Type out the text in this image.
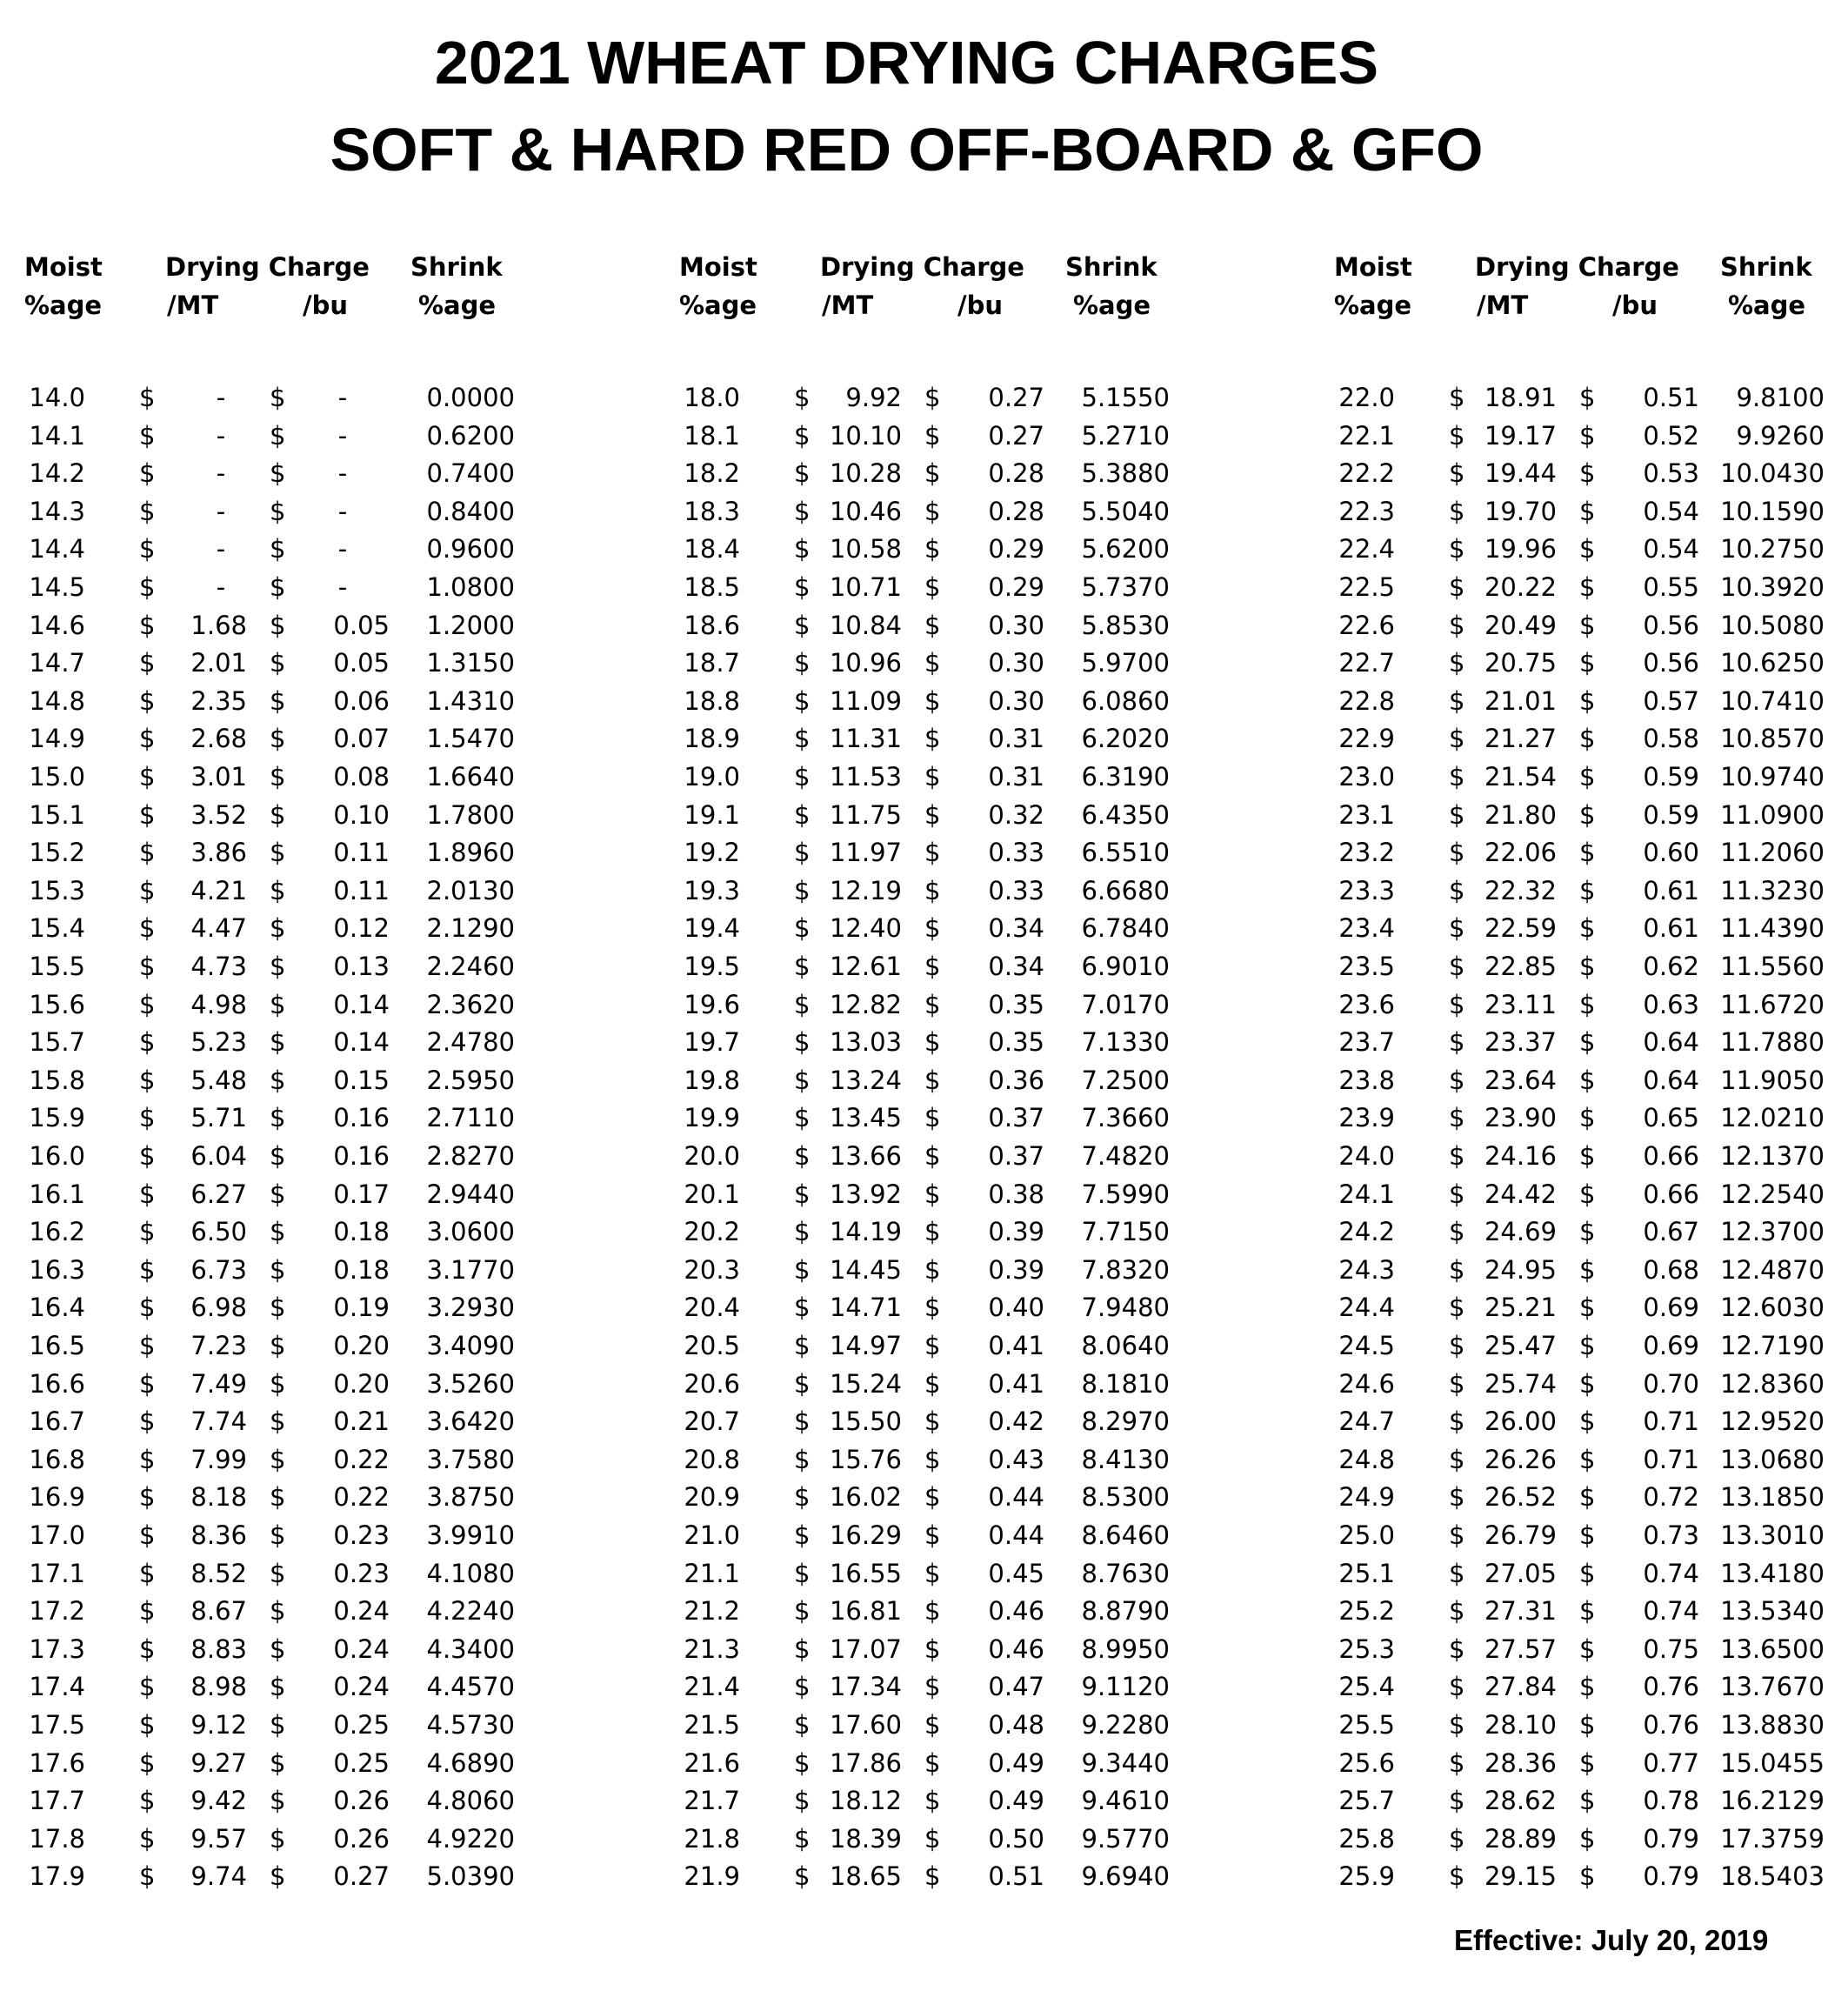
2021 WHEAT DRYING CHARGES
SOFT & HARD RED OFF-BOARD & GFO
Moist
%age
Drying Charge
/MT	/bu
Shrink
%age
14.0 $	-	$	-	0.0000
14.1 $	-	$	-	0.6200
14.2 $	-	$	-	0.7400
14.3 $	-	$	-	0.8400
14.4 $	-	$	-	0.9600
14.5 $	-	$	-	1.0800
14.6 $	1.68 $	0.05	1.2000
14.7 $	2.01 $	0.05	1.3150
14.8 $	2.35 $	0.06	1.4310
14.9 $	2.68 $	0.07	1.5470
15.0 $	3.01 $	0.08	1.6640
15.1 $	3.52 $	0.10	1.7800
15.2 $	3.86 $	0.11	1.8960
15.3 $	4.21 $	0.11	2.0130
15.4 $	4.47 $	0.12	2.1290
15.5 $	4.73 $	0.13	2.2460
15.6 $	4.98 $	0.14	2.3620
15.7 $	5.23 $	0.14	2.4780
15.8 $	5.48 $	0.15	2.5950
15.9 $	5.71 $	0.16	2.7110
16.0 $	6.04 $	0.16	2.8270
16.1 $	6.27 $	0.17	2.9440
16.2 $	6.50 $	0.18	3.0600
16.3 $	6.73 $	0.18	3.1770
16.4 $	6.98 $	0.19	3.2930
16.5 $	7.23 $	0.20	3.4090
16.6 $	7.49 $	0.20	3.5260
16.7 $	7.74 $	0.21	3.6420
16.8 $	7.99 $	0.22	3.7580
16.9 $	8.18 $	0.22	3.8750
17.0 $	8.36 $	0.23	3.9910
17.1 $	8.52 $	0.23	4.1080
17.2 $	8.67 $	0.24	4.2240
17.3 $	8.83 $	0.24	4.3400
17.4 $	8.98 $	0.24	4.4570
17.5 $	9.12 $	0.25	4.5730
17.6 $	9.27 $	0.25	4.6890
17.7 $	9.42 $	0.26	4.8060
17.8 $	9.57 $	0.26	4.9220
17.9 $	9.74 $	0.27	5.0390
Moist
%age
Drying Charge
/MT	/bu
Shrink
%age
18.0 $	9.92 $	0.27	5.1550
18.1 $ 10.10 $	0.27	5.2710
18.2 $ 10.28 $	0.28	5.3880
18.3 $ 10.46 $	0.28	5.5040
18.4 $ 10.58 $	0.29	5.6200
18.5 $ 10.71 $	0.29	5.7370
18.6 $ 10.84 $	0.30	5.8530
18.7 $ 10.96 $	0.30	5.9700
18.8 $ 11.09 $	0.30	6.0860
18.9 $ 11.31 $	0.31	6.2020
19.0 $ 11.53 $	0.31	6.3190
19.1 $ 11.75 $	0.32	6.4350
19.2 $ 11.97 $	0.33	6.5510
19.3 $ 12.19 $	0.33	6.6680
19.4 $ 12.40 $	0.34	6.7840
19.5 $ 12.61 $	0.34	6.9010
19.6 $ 12.82 $	0.35	7.0170
19.7 $ 13.03 $	0.35	7.1330
19.8 $ 13.24 $	0.36	7.2500
19.9 $ 13.45 $	0.37	7.3660
20.0 $ 13.66 $	0.37	7.4820
20.1 $ 13.92 $	0.38	7.5990
20.2 $ 14.19 $	0.39	7.7150
20.3 $ 14.45 $	0.39	7.8320
20.4 $ 14.71 $	0.40	7.9480
20.5 $ 14.97 $	0.41	8.0640
20.6 $ 15.24 $	0.41	8.1810
20.7 $ 15.50 $	0.42	8.2970
20.8 $ 15.76 $	0.43	8.4130
20.9 $ 16.02 $	0.44	8.5300
21.0 $ 16.29 $	0.44	8.6460
21.1 $ 16.55 $	0.45	8.7630
21.2 $ 16.81 $	0.46	8.8790
21.3 $ 17.07 $	0.46	8.9950
21.4 $ 17.34 $	0.47	9.1120
21.5 $ 17.60 $	0.48	9.2280
21.6 $ 17.86 $	0.49	9.3440
21.7 $ 18.12 $	0.49	9.4610
21.8 $ 18.39 $	0.50	9.5770
21.9 $ 18.65 $	0.51	9.6940
Moist
%age
Drying Charge
/MT	/bu
Shrink
%age
22.0 $ 18.91 $	0.51	9.8100
22.1 $ 19.17 $	0.52	9.9260
22.2 $ 19.44 $	0.53 10.0430
22.3 $ 19.70 $	0.54 10.1590
22.4 $ 19.96 $	0.54 10.2750
22.5 $ 20.22 $	0.55 10.3920
22.6 $ 20.49 $	0.56 10.5080
22.7 $ 20.75 $	0.56 10.6250
22.8 $ 21.01 $	0.57 10.7410
22.9 $ 21.27 $	0.58 10.8570
23.0 $ 21.54 $	0.59 10.9740
23.1 $ 21.80 $	0.59 11.0900
23.2 $ 22.06 $	0.60 11.2060
23.3 $ 22.32 $	0.61 11.3230
23.4 $ 22.59 $	0.61 11.4390
23.5 $ 22.85 $	0.62 11.5560
23.6 $ 23.11 $	0.63 11.6720
23.7 $ 23.37 $	0.64 11.7880
23.8 $ 23.64 $	0.64 11.9050
23.9 $ 23.90 $	0.65 12.0210
24.0 $ 24.16 $	0.66 12.1370
24.1 $ 24.42 $	0.66 12.2540
24.2 $ 24.69 $	0.67 12.3700
24.3 $ 24.95 $	0.68 12.4870
24.4 $ 25.21 $	0.69 12.6030
24.5 $ 25.47 $	0.69 12.7190
24.6 $ 25.74 $	0.70 12.8360
24.7 $ 26.00 $	0.71 12.9520
24.8 $ 26.26 $	0.71 13.0680
24.9 $ 26.52 $	0.72 13.1850
25.0 $ 26.79 $	0.73 13.3010
25.1 $ 27.05 $	0.74 13.4180
25.2 $ 27.31 $	0.74 13.5340
25.3 $ 27.57 $	0.75 13.6500
25.4 $ 27.84 $	0.76 13.7670
25.5 $ 28.10 $	0.76 13.8830
25.6 $ 28.36 $	0.77 15.0455
25.7 $ 28.62 $	0.78 16.2129
25.8 $ 28.89 $	0.79 17.3759
25.9 $ 29.15 $	0.79 18.5403
Effective: July 20, 2019
